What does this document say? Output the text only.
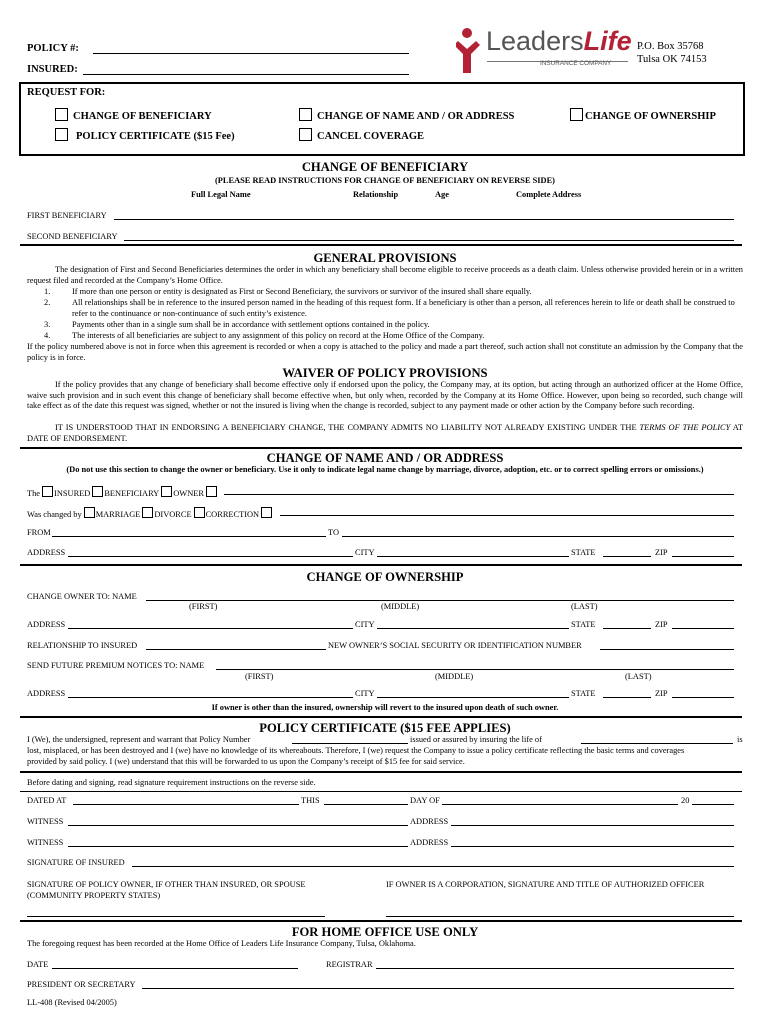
POLICY #:
INSURED:
LeadersLife
INSURANCE COMPANY
P.O. Box 35768
Tulsa OK 74153
REQUEST FOR:
CHANGE OF BENEFICIARY	CHANGE OF NAME AND / OR ADDRESS	CHANGE OF OWNERSHIP
POLICY CERTIFICATE ($15 Fee)	CANCEL COVERAGE
CHANGE OF BENEFICIARY
(PLEASE READ INSTRUCTIONS FOR CHANGE OF BENEFICIARY ON REVERSE SIDE)
Full Legal Name	Relationship	Age	Complete Address
FIRST BENEFICIARY
SECOND BENEFICIARY
GENERAL PROVISIONS
The designation of First and Second Beneficiaries determines the order in which any beneficiary shall become eligible to receive proceeds as a death claim. Unless otherwise provided herein or in a written request filed and recorded at the Company’s Home Office.
1.	If more than one person or entity is designated as First or Second Beneficiary, the survivors or survivor of the insured shall share equally.
2.	All relationships shall be in reference to the insured person named in the heading of this request form. If a beneficiary is other than a person, all references herein to life or death shall be construed to refer to the continuance or non-continuance of such entity’s existence.
3.	Payments other than in a single sum shall be in accordance with settlement options contained in the policy.
4.	The interests of all beneficiaries are subject to any assignment of this policy on record at the Home Office of the Company.
If the policy numbered above is not in force when this agreement is recorded or when a copy is attached to the policy and made a part thereof, such action shall not constitute an admission by the Company that the policy is in force.
WAIVER OF POLICY PROVISIONS
If the policy provides that any change of beneficiary shall become effective only if endorsed upon the policy, the Company may, at its option, but acting through an authorized officer at the Home Office, waive such provision and in such event this change of beneficiary shall become effective when, but only when, recorded by the Company at its Home Office. However, upon being so recorded, such change will take effect as of the date this request was signed, whether or not the insured is living when the change is recorded, subject to any payment made or other action by the Company before such recording.
IT IS UNDERSTOOD THAT IN ENDORSING A BENEFICIARY CHANGE, THE COMPANY ADMITS NO LIABILITY NOT ALREADY EXISTING UNDER THE TERMS OF THE POLICY AT DATE OF ENDORSEMENT.
CHANGE OF NAME AND / OR ADDRESS
(Do not use this section to change the owner or beneficiary. Use it only to indicate legal name change by marriage, divorce, adoption, etc. or to correct spelling errors or omissions.)
The INSURED BENEFICIARY OWNER
Was changed by MARRIAGE DIVORCE CORRECTION
FROM	TO
ADDRESS	CITY	STATE	ZIP
CHANGE OF OWNERSHIP
CHANGE OWNER TO: NAME
(FIRST)	(MIDDLE)	(LAST)
ADDRESS	CITY	STATE	ZIP
RELATIONSHIP TO INSURED	NEW OWNER’S SOCIAL SECURITY OR IDENTIFICATION NUMBER
SEND FUTURE PREMIUM NOTICES TO: NAME
(FIRST)	(MIDDLE)	(LAST)
ADDRESS	CITY	STATE	ZIP
If owner is other than the insured, ownership will revert to the insured upon death of such owner.
POLICY CERTIFICATE ($15 FEE APPLIES)
I (We), the undersigned, represent and warrant that Policy Number	issued or assured by insuring the life of	is
lost, misplaced, or has been destroyed and I (we) have no knowledge of its whereabouts. Therefore, I (we) request the Company to issue a policy certificate reflecting the basic terms and coverages
provided by said policy. I (we) understand that this will be forwarded to us upon the Company’s receipt of $15 fee for said service.
Before dating and signing, read signature requirement instructions on the reverse side.
DATED AT	THIS	DAY OF	20
WITNESS	ADDRESS
WITNESS	ADDRESS
SIGNATURE OF INSURED
SIGNATURE OF POLICY OWNER, IF OTHER THAN INSURED, OR SPOUSE
(COMMUNITY PROPERTY STATES)
IF OWNER IS A CORPORATION, SIGNATURE AND TITLE OF AUTHORIZED OFFICER
FOR HOME OFFICE USE ONLY
The foregoing request has been recorded at the Home Office of Leaders Life Insurance Company, Tulsa, Oklahoma.
DATE	REGISTRAR
PRESIDENT OR SECRETARY
LL-408 (Revised 04/2005)
